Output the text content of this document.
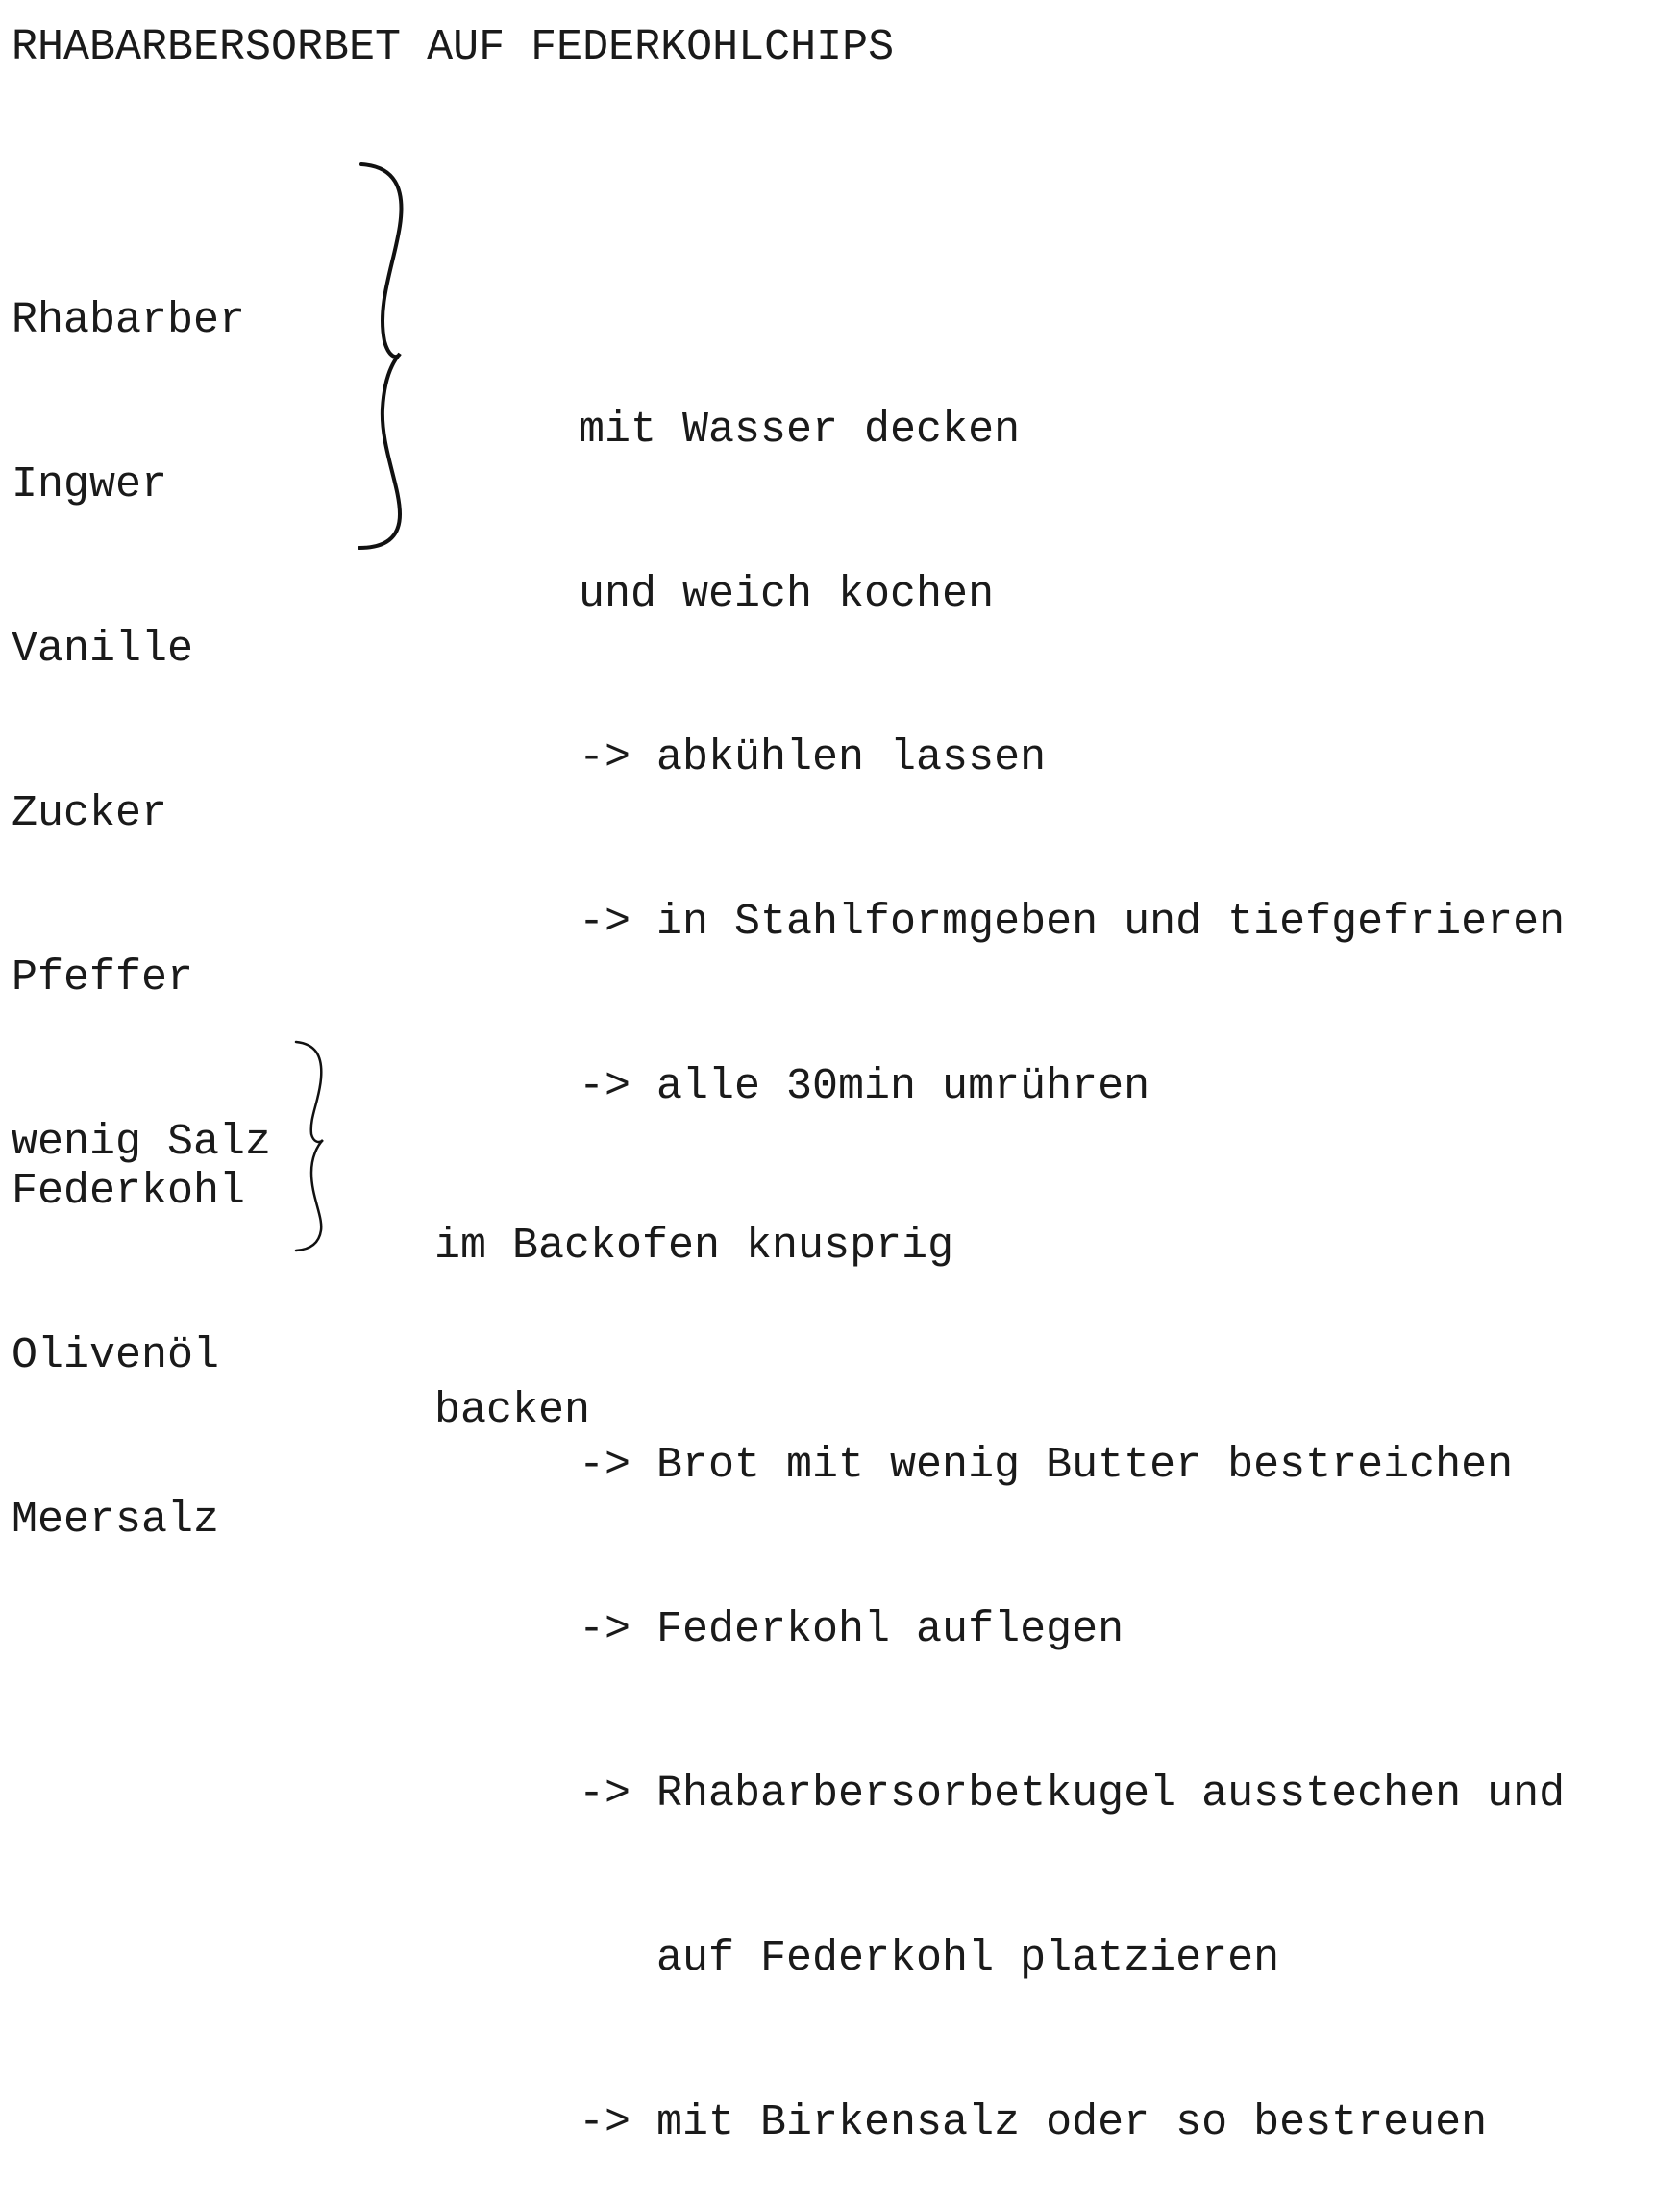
RHABARBERSORBET AUF FEDERKOHLCHIPS

Rhabarber

Ingwer

Vanille

Zucker

Pfeffer

wenig Salz

mit Wasser decken

und weich kochen

-> abkühlen lassen

-> in Stahlformgeben und tiefgefrieren

-> alle 30min umrühren

Federkohl

Olivenöl

Meersalz

im Backofen knusprig

backen

-> Brot mit wenig Butter bestreichen

-> Federkohl auflegen

-> Rhabarbersorbetkugel ausstechen und

auf Federkohl platzieren

-> mit Birkensalz oder so bestreuen
